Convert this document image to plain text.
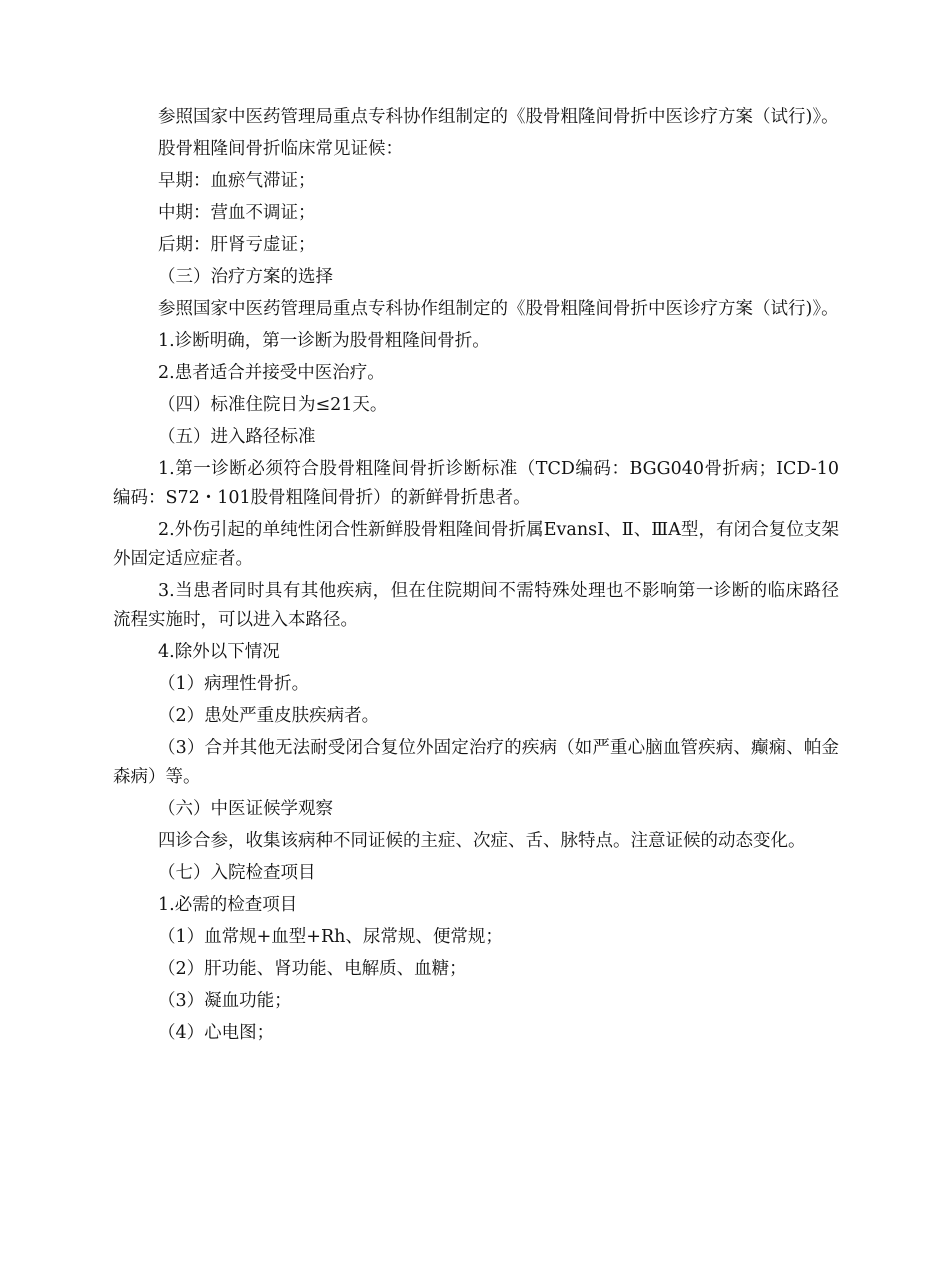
参照国家中医药管理局重点专科协作组制定的《股骨粗隆间骨折中医诊疗方案（试行)》。

股骨粗隆间骨折临床常见证候：

早期：血瘀气滞证；

中期：营血不调证；

后期：肝肾亏虚证；

（三）治疗方案的选择

参照国家中医药管理局重点专科协作组制定的《股骨粗隆间骨折中医诊疗方案（试行)》。

1.诊断明确，第一诊断为股骨粗隆间骨折。

2.患者适合并接受中医治疗。

（四）标准住院日为≤21天。

（五）进入路径标准

1.第一诊断必须符合股骨粗隆间骨折诊断标准（TCD编码：BGG040骨折病；ICD-10编码：S72・101股骨粗隆间骨折）的新鲜骨折患者。

2.外伤引起的单纯性闭合性新鲜股骨粗隆间骨折属EvansⅠ、Ⅱ、ⅢA型，有闭合复位支架外固定适应症者。

3.当患者同时具有其他疾病，但在住院期间不需特殊处理也不影响第一诊断的临床路径流程实施时，可以进入本路径。

4.除外以下情况

（1）病理性骨折。

（2）患处严重皮肤疾病者。

（3）合并其他无法耐受闭合复位外固定治疗的疾病（如严重心脑血管疾病、癫痫、帕金森病）等。

（六）中医证候学观察

四诊合参，收集该病种不同证候的主症、次症、舌、脉特点。注意证候的动态变化。

（七）入院检查项目

1.必需的检查项目

（1）血常规+血型+Rh、尿常规、便常规；

（2）肝功能、肾功能、电解质、血糖；

（3）凝血功能；

（4）心电图；
